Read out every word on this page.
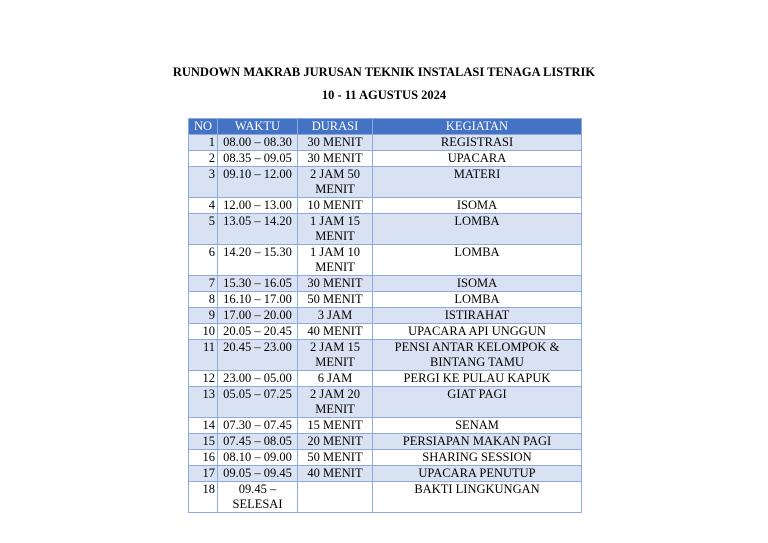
RUNDOWN MAKRAB JURUSAN TEKNIK INSTALASI TENAGA LISTRIK
10 - 11 AGUSTUS 2024
NO	WAKTU	DURASI	KEGIATAN
1	08.00 – 08.30	30 MENIT	REGISTRASI
2	08.35 – 09.05	30 MENIT	UPACARA
3	09.10 – 12.00	2 JAM 50 MENIT	MATERI
4	12.00 – 13.00	10 MENIT	ISOMA
5	13.05 – 14.20	1 JAM 15 MENIT	LOMBA
6	14.20 – 15.30	1 JAM 10 MENIT	LOMBA
7	15.30 – 16.05	30 MENIT	ISOMA
8	16.10 – 17.00	50 MENIT	LOMBA
9	17.00 – 20.00	3 JAM	ISTIRAHAT
10	20.05 – 20.45	40 MENIT	UPACARA API UNGGUN
11	20.45 – 23.00	2 JAM 15 MENIT	PENSI ANTAR KELOMPOK & BINTANG TAMU
12	23.00 – 05.00	6 JAM	PERGI KE PULAU KAPUK
13	05.05 – 07.25	2 JAM 20 MENIT	GIAT PAGI
14	07.30 – 07.45	15 MENIT	SENAM
15	07.45 – 08.05	20 MENIT	PERSIAPAN MAKAN PAGI
16	08.10 – 09.00	50 MENIT	SHARING SESSION
17	09.05 – 09.45	40 MENIT	UPACARA PENUTUP
18	09.45 – SELESAI		BAKTI LINGKUNGAN
